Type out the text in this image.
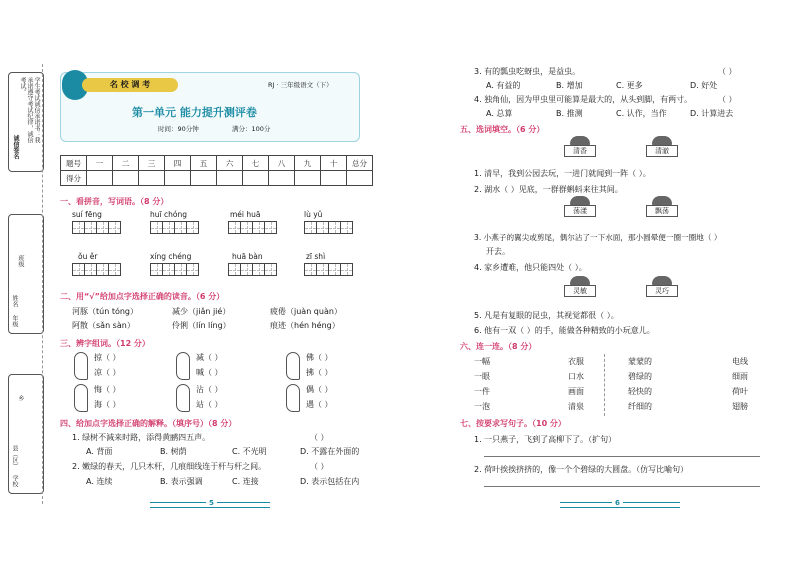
学生考试诚信承诺书：我承诺遵守考试纪律，诚信考试。
诚信签名
班级
姓名
年级
乡
县（区）
学校
名 校 调 考	RJ · 三年级语文（下）
第一单元 能力提升测评卷
时间：90分钟	满分：100分
题号	一	二	三	四	五	六	七	八	九	十	总分
得分											
一、看拼音，写词语。（8 分）
suí fēng	huī chóng	méi huā	lù yǔ
ǒu ěr	xíng chéng	huā bàn	zī shì
二、用“√”给加点字选择正确的读音。（6 分）
河豚（tún tóng）	减少（jiǎn jié）	疲倦（juàn quàn）
阿散（sǎn sàn）	伶俐（lín líng）	痕迹（hén héng）
三、辨字组词。（12 分）
掠（ ）	减（ ）	佛（ ）
凉（ ）	喊（ ）	拂（ ）
悔（ ）	沾（ ）	偶（ ）
海（ ）	站（ ）	遇（ ）
四、给加点字选择正确的解释。（填序号）（8 分）
1. 绿树不減来时路，添得黄鹂四五声。	（ ）
A. 背面	B. 树荫	C. 不光明	D. 不露在外面的
2. 嫩绿的春天，几只木杆，几痕细线连于杆与杆之间。	（ ）
A. 连续	B. 表示强调	C. 连接	D. 表示包括在内
5
3. 有的瓢虫吃蚜虫，是益虫。	（ ）
A. 有益的	B. 增加	C. 更多	D. 好处
4. 独角仙，因为甲虫里可能算是最大的，从头到脚，有两寸。	（ ）
A. 总算	B. 推测	C. 认作，当作	D. 计算进去
五、选词填空。（6 分）
清香	清澈
1. 清早，我到公园去玩，一进门就闻到一阵（ ）。
2. 湖水（ ）见底，一群群蝌蚪来往其间。
荡漾	飘荡
3. 小燕子的翼尖或剪尾，偶尔沾了一下水面，那小圆晕便一圈一圈地（ ）
开去。
4. 家乡遭难，他只能四处（ ）。
灵敏	灵巧
5. 凡是有复眼的昆虫，其视觉都很（ ）。
6. 他有一双（ ）的手，能做各种精致的小玩意儿。
六、连一连。（8 分）
一幅	衣服	蒙蒙的	电线
一眼	口水	碧绿的	细雨
一件	画面	轻快的	荷叶
一泡	清泉	纤细的	翅膀
七、按要求写句子。（10 分）
1. 一只燕子，飞到了高柳下了。（扩句）
2. 荷叶挨挨挤挤的，像一个个碧绿的大圆盘。（仿写比喻句）
6
